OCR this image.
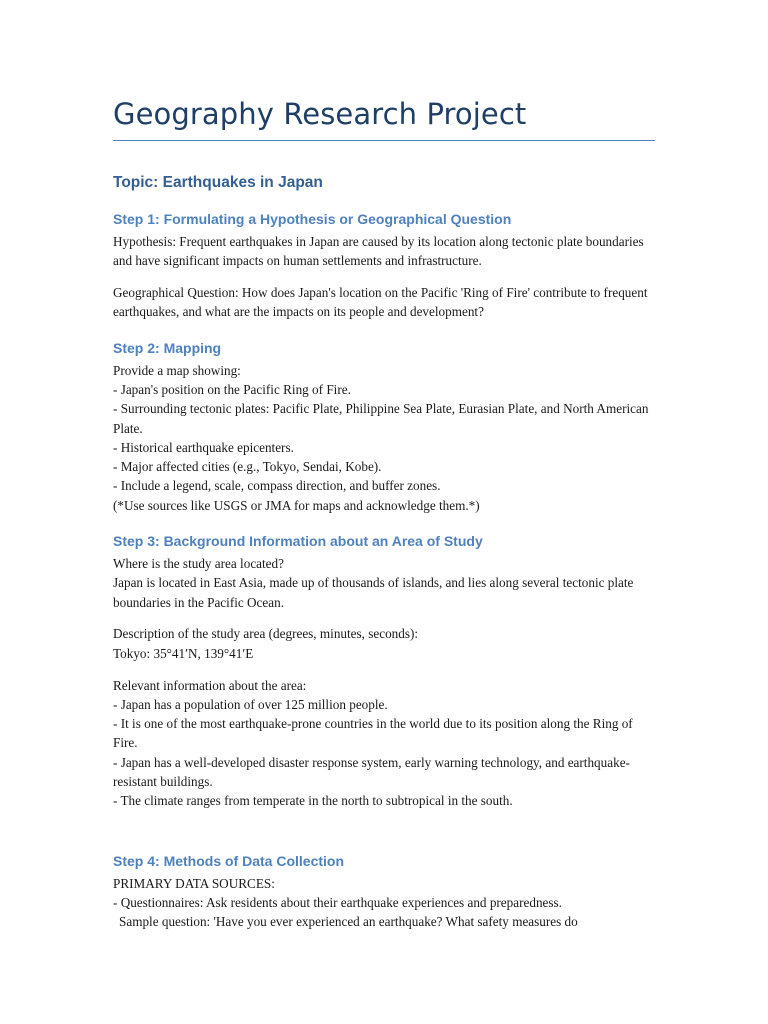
Geography Research Project
Topic: Earthquakes in Japan
Step 1: Formulating a Hypothesis or Geographical Question

Hypothesis: Frequent earthquakes in Japan are caused by its location along tectonic plate boundaries and have significant impacts on human settlements and infrastructure.

Geographical Question: How does Japan's location on the Pacific 'Ring of Fire' contribute to frequent earthquakes, and what are the impacts on its people and development?

Step 2: Mapping
Provide a map showing:
- Japan's position on the Pacific Ring of Fire.
- Surrounding tectonic plates: Pacific Plate, Philippine Sea Plate, Eurasian Plate, and North American Plate.
- Historical earthquake epicenters.
- Major affected cities (e.g., Tokyo, Sendai, Kobe).
- Include a legend, scale, compass direction, and buffer zones.
(*Use sources like USGS or JMA for maps and acknowledge them.*)
Step 3: Background Information about an Area of Study
Where is the study area located?
Japan is located in East Asia, made up of thousands of islands, and lies along several tectonic plate boundaries in the Pacific Ocean.
Description of the study area (degrees, minutes, seconds):
Tokyo: 35°41′N, 139°41′E
Relevant information about the area:
- Japan has a population of over 125 million people.
- It is one of the most earthquake-prone countries in the world due to its position along the Ring of Fire.
- Japan has a well-developed disaster response system, early warning technology, and earthquake-resistant buildings.
- The climate ranges from temperate in the north to subtropical in the south.
Step 4: Methods of Data Collection
PRIMARY DATA SOURCES:
- Questionnaires: Ask residents about their earthquake experiences and preparedness.
Sample question: 'Have you ever experienced an earthquake? What safety measures do
